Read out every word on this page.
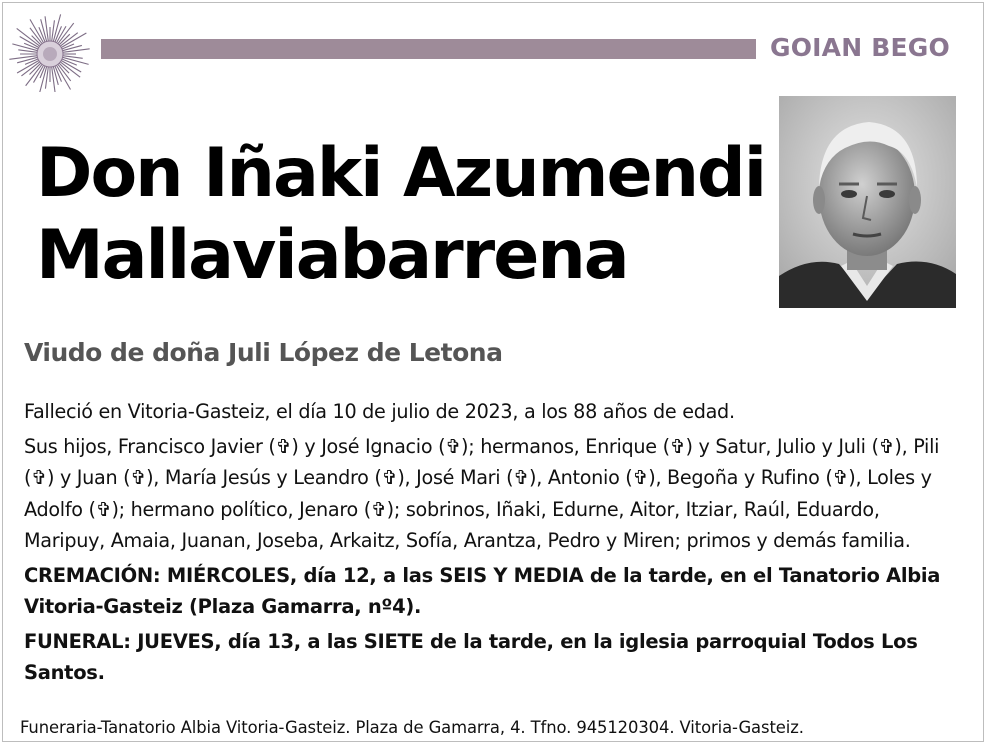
GOIAN BEGO
Don Iñaki Azumendi
Mallaviabarrena
Viudo de doña Juli López de Letona

Falleció en Vitoria-Gasteiz, el día 10 de julio de 2023, a los 88 años de edad.

Sus hijos, Francisco Javier (✞) y José Ignacio (✞); hermanos, Enrique (✞) y Satur, Julio y Juli (✞), Pili (✞) y Juan (✞), María Jesús y Leandro (✞), José Mari (✞), Antonio (✞), Begoña y Rufino (✞), Loles y Adolfo (✞); hermano político, Jenaro (✞); sobrinos, Iñaki, Edurne, Aitor, Itziar, Raúl, Eduardo, Maripuy, Amaia, Juanan, Joseba, Arkaitz, Sofía, Arantza, Pedro y Miren; primos y demás familia.

CREMACIÓN: MIÉRCOLES, día 12, a las SEIS Y MEDIA de la tarde, en el Tanatorio Albia Vitoria-Gasteiz (Plaza Gamarra, nº4).

FUNERAL: JUEVES, día 13, a las SIETE de la tarde, en la iglesia parroquial Todos Los Santos.

Funeraria-Tanatorio Albia Vitoria-Gasteiz. Plaza de Gamarra, 4. Tfno. 945120304. Vitoria-Gasteiz.
